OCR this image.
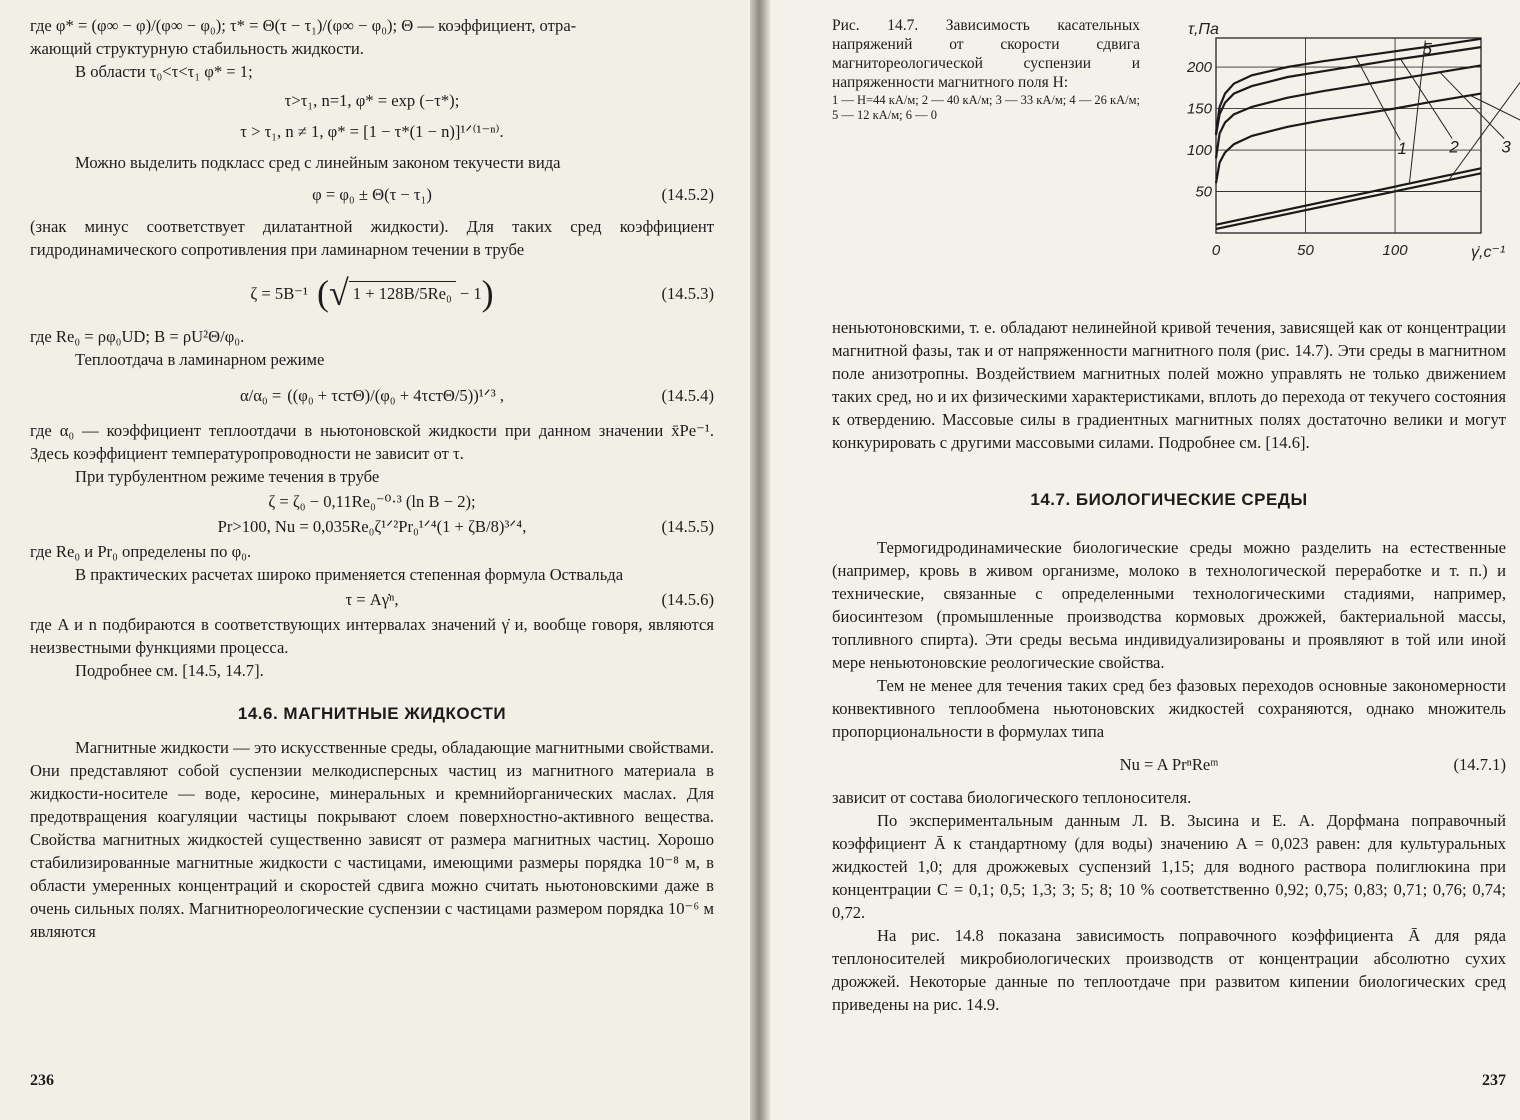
где φ* = (φ∞ − φ)/(φ∞ − φ₀); τ* = Θ(τ − τ₁)/(φ∞ − φ₀); Θ — коэффициент, отра-

жающий структурную стабильность жидкости.

В области τ₀<τ<τ₁ φ* = 1;

τ>τ₁, n=1, φ* = exp (−τ*);
τ > τ₁, n ≠ 1, φ* = [1 − τ*(1 − n)]¹ᐟ⁽¹⁻ⁿ⁾.

Можно выделить подкласс сред с линейным законом текучести вида

φ = φ₀ ± Θ(τ − τ₁)	(14.5.2)

(знак минус соответствует дилатантной жидкости). Для таких сред коэффициент гидродинамического сопротивления при ламинарном течении в трубе

ζ = 5B⁻¹ ( √ 1 + 128B/5Re₀ − 1 )	(14.5.3)

где Re₀ = ρφ₀UD; B = ρU²Θ/φ₀.

Теплоотдача в ламинарном режиме

α/α₀ = ((φ₀ + τстΘ)/(φ₀ + 4τстΘ/5))¹ᐟ³ ,	(14.5.4)

где α₀ — коэффициент теплоотдачи в ньютоновской жидкости при данном значении x̄Pe⁻¹. Здесь коэффициент температуропроводности не зависит от τ.

При турбулентном режиме течения в трубе

ζ = ζ₀ − 0,11Re₀⁻⁰·³ (ln B − 2);
Pr>100, Nu = 0,035Re₀ζ¹ᐟ²Pr₀¹ᐟ⁴(1 + ζB/8)³ᐟ⁴,	(14.5.5)

где Re₀ и Pr₀ определены по φ₀.

В практических расчетах широко применяется степенная формула Оствальда

τ = Aγ̇ⁿ,	(14.5.6)

где A и n подбираются в соответствующих интервалах значений γ̇ и, вообще говоря, являются неизвестными функциями процесса.

Подробнее см. [14.5, 14.7].

14.6. МАГНИТНЫЕ ЖИДКОСТИ

Магнитные жидкости — это искусственные среды, обладающие магнитными свойствами. Они представляют собой суспензии мелкодисперсных частиц из магнитного материала в жидкости-носителе — воде, керосине, минеральных и кремнийорганических маслах. Для предотвращения коагуляции частицы покрывают слоем поверхностно-активного вещества. Свойства магнитных жидкостей существенно зависят от размера магнитных частиц. Хорошо стабилизированные магнитные жидкости с частицами, имеющими размеры порядка 10⁻⁸ м, в области умеренных концентраций и скоростей сдвига можно считать ньютоновскими даже в очень сильных полях. Магнитнореологические суспензии с частицами размером порядка 10⁻⁶ м являются

236

Рис. 14.7. Зависимость касательных напряжений от скорости сдвига магнитореологической суспензии и напряженности магнитного поля H:

1 — H=44 кА/м; 2 — 40 кА/м; 3 — 33 кА/м; 4 — 26 кА/м; 5 — 12 кА/м; 6 — 0

0	50	100
50
100
150
200
τ,Па
γ̇,с⁻¹
1 2 3
5

неньютоновскими, т. е. обладают нелинейной кривой течения, зависящей как от концентрации магнитной фазы, так и от напряженности магнитного поля (рис. 14.7). Эти среды в магнитном поле анизотропны. Воздействием магнитных полей можно управлять не только движением таких сред, но и их физическими характеристиками, вплоть до перехода от текучего состояния к отвердению. Массовые силы в градиентных магнитных полях достаточно велики и могут конкурировать с другими массовыми силами. Подробнее см. [14.6].

14.7. БИОЛОГИЧЕСКИЕ СРЕДЫ

Термогидродинамические биологические среды можно разделить на естественные (например, кровь в живом организме, молоко в технологической переработке и т. п.) и технические, связанные с определенными технологическими стадиями, например, биосинтезом (промышленные производства кормовых дрожжей, бактериальной массы, топливного спирта). Эти среды весьма индивидуализированы и проявляют в той или иной мере неньютоновские реологические свойства.

Тем не менее для течения таких сред без фазовых переходов основные закономерности конвективного теплообмена ньютоновских жидкостей сохраняются, однако множитель пропорциональности в формулах типа

Nu = A PrⁿReᵐ	(14.7.1)

зависит от состава биологического теплоносителя.

По экспериментальным данным Л. В. Зысина и Е. А. Дорфмана поправочный коэффициент Ā к стандартному (для воды) значению A = 0,023 равен: для культуральных жидкостей 1,0; для дрожжевых суспензий 1,15; для водного раствора полиглюкина при концентрации C = 0,1; 0,5; 1,3; 3; 5; 8; 10 % соответственно 0,92; 0,75; 0,83; 0,71; 0,76; 0,74; 0,72.

На рис. 14.8 показана зависимость поправочного коэффициента Ā для ряда теплоносителей микробиологических производств от концентрации абсолютно сухих дрожжей. Некоторые данные по теплоотдаче при развитом кипении биологических сред приведены на рис. 14.9.

237
